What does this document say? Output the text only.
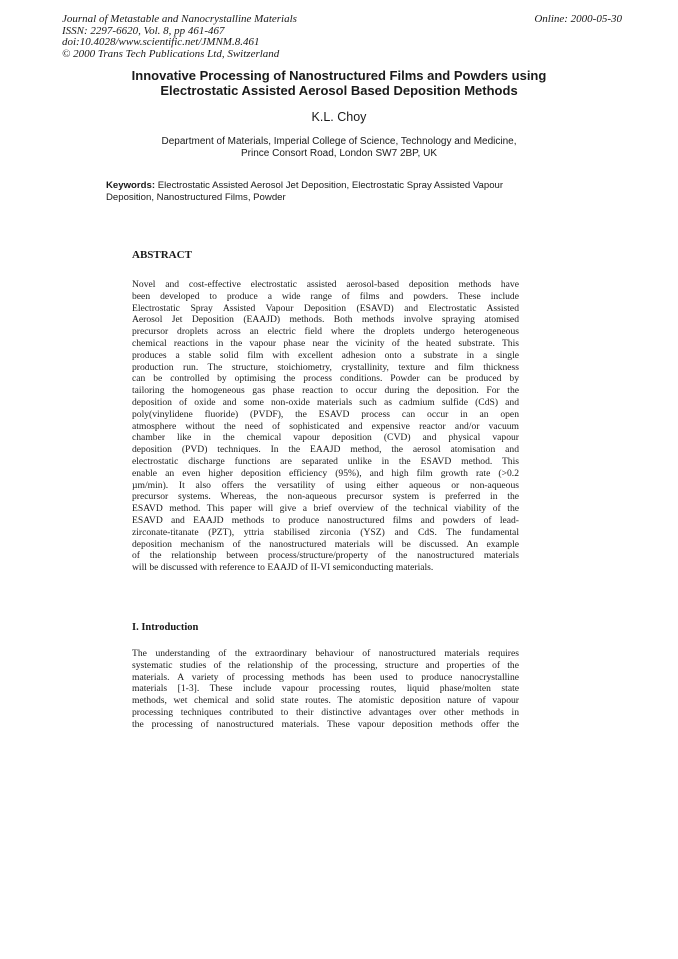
Journal of Metastable and Nanocrystalline Materials
ISSN: 2297-6620, Vol. 8, pp 461-467
doi:10.4028/www.scientific.net/JMNM.8.461
© 2000 Trans Tech Publications Ltd, Switzerland
Online: 2000-05-30
Innovative Processing of Nanostructured Films and Powders using
Electrostatic Assisted Aerosol Based Deposition Methods
K.L. Choy
Department of Materials, Imperial College of Science, Technology and Medicine,
Prince Consort Road, London SW7 2BP, UK
Keywords: Electrostatic Assisted Aerosol Jet Deposition, Electrostatic Spray Assisted Vapour
Deposition, Nanostructured Films, Powder
ABSTRACT
Novel and cost-effective electrostatic assisted aerosol-based deposition methods have
been developed to produce a wide range of films and powders. These include
Electrostatic Spray Assisted Vapour Deposition (ESAVD) and Electrostatic Assisted
Aerosol Jet Deposition (EAAJD) methods. Both methods involve spraying atomised
precursor droplets across an electric field where the droplets undergo heterogeneous
chemical reactions in the vapour phase near the vicinity of the heated substrate. This
produces a stable solid film with excellent adhesion onto a substrate in a single
production run. The structure, stoichiometry, crystallinity, texture and film thickness
can be controlled by optimising the process conditions. Powder can be produced by
tailoring the homogeneous gas phase reaction to occur during the deposition. For the
deposition of oxide and some non-oxide materials such as cadmium sulfide (CdS) and
poly(vinylidene fluoride) (PVDF), the ESAVD process can occur in an open
atmosphere without the need of sophisticated and expensive reactor and/or vacuum
chamber like in the chemical vapour deposition (CVD) and physical vapour
deposition (PVD) techniques. In the EAAJD method, the aerosol atomisation and
electrostatic discharge functions are separated unlike in the ESAVD method. This
enable an even higher deposition efficiency (95%), and high film growth rate (>0.2
µm/min). It also offers the versatility of using either aqueous or non-aqueous
precursor systems. Whereas, the non-aqueous precursor system is preferred in the
ESAVD method. This paper will give a brief overview of the technical viability of the
ESAVD and EAAJD methods to produce nanostructured films and powders of lead-
zirconate-titanate (PZT), yttria stabilised zirconia (YSZ) and CdS. The fundamental
deposition mechanism of the nanostructured materials will be discussed. An example
of the relationship between process/structure/property of the nanostructured materials
will be discussed with reference to EAAJD of II-VI semiconducting materials.
I. Introduction
The understanding of the extraordinary behaviour of nanostructured materials requires
systematic studies of the relationship of the processing, structure and properties of the
materials. A variety of processing methods has been used to produce nanocrystalline
materials [1-3]. These include vapour processing routes, liquid phase/molten state
methods, wet chemical and solid state routes. The atomistic deposition nature of vapour
processing techniques contributed to their distinctive advantages over other methods in
the processing of nanostructured materials. These vapour deposition methods offer the
